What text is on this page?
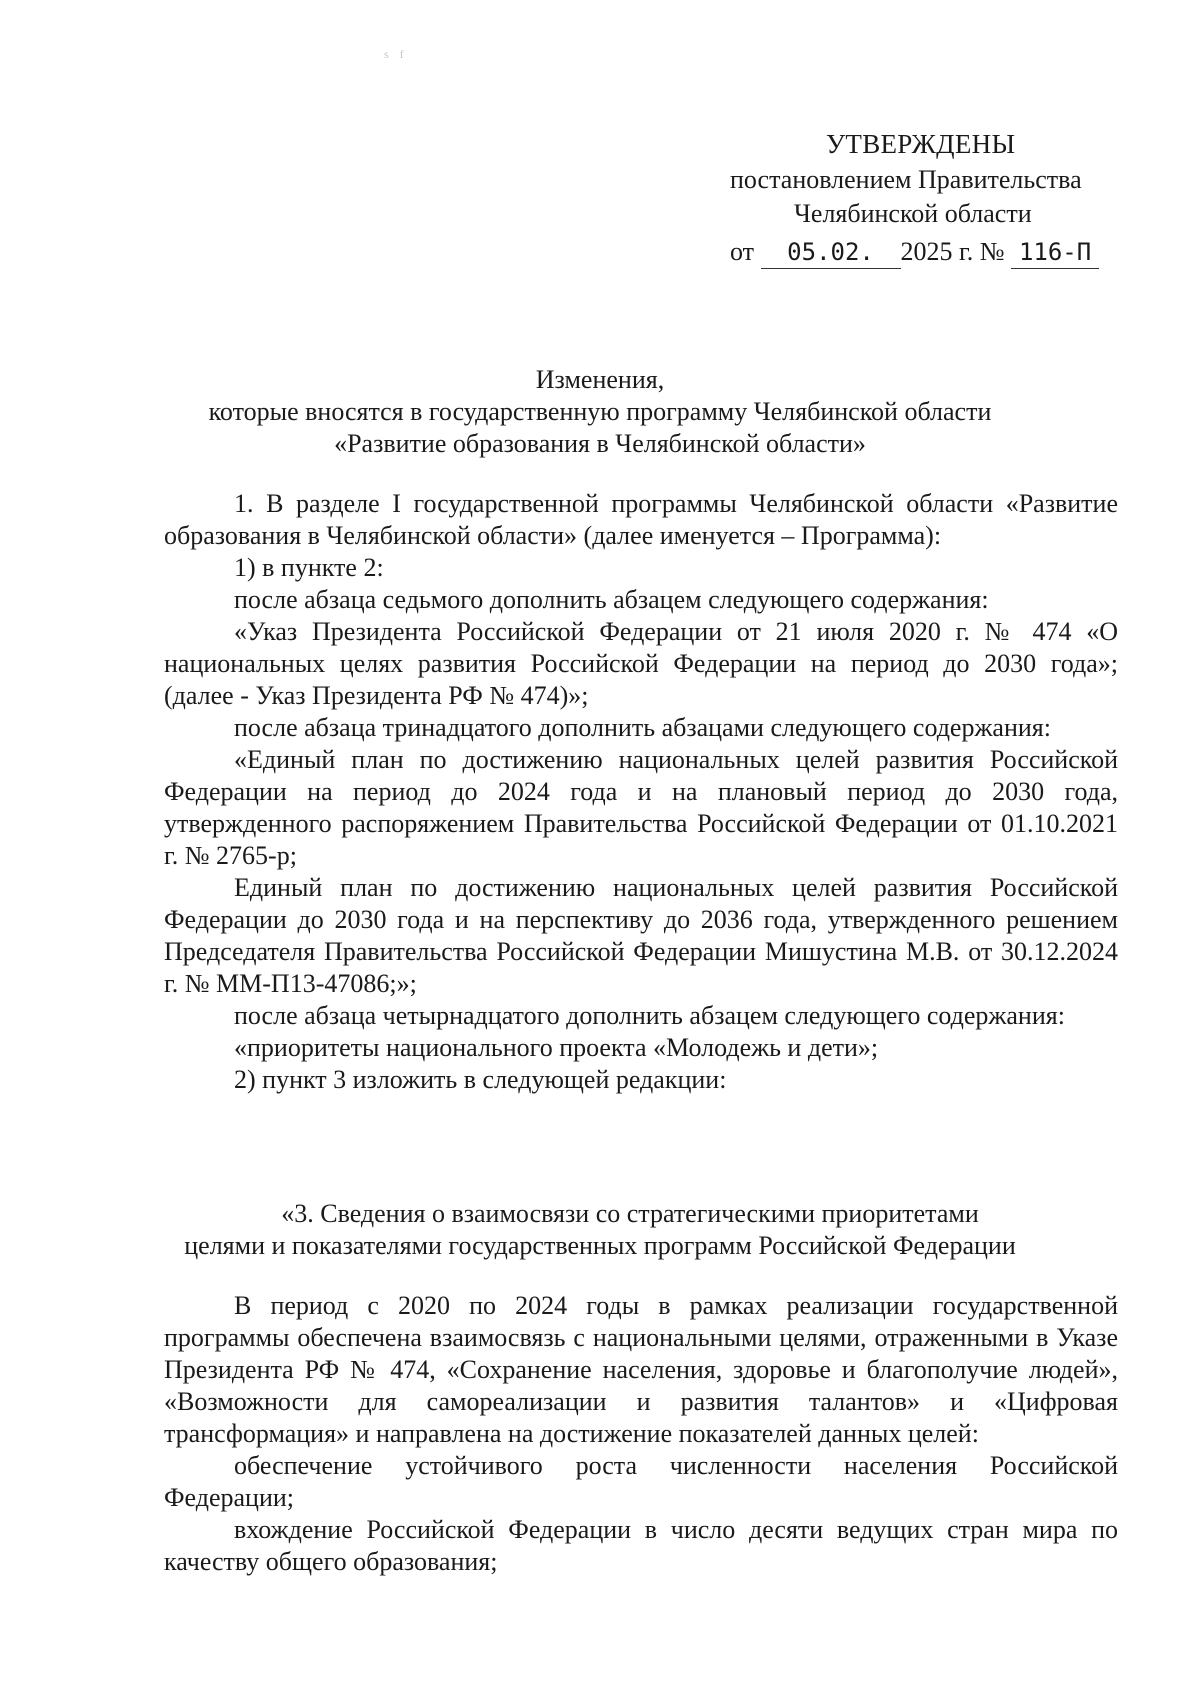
s f
УТВЕРЖДЕНЫ
постановлением Правительства
Челябинской области
от 05.02. 2025 г. № 116-П
Изменения,
которые вносятся в государственную программу Челябинской области
«Развитие образования в Челябинской области»

1. В разделе I государственной программы Челябинской области «Развитие образования в Челябинской области» (далее именуется – Программа):

1) в пункте 2:

после абзаца седьмого дополнить абзацем следующего содержания:

«Указ Президента Российской Федерации от 21 июля 2020 г. № 474 «О национальных целях развития Российской Федерации на период до 2030 года»; (далее - Указ Президента РФ № 474)»;

после абзаца тринадцатого дополнить абзацами следующего содержания:

«Единый план по достижению национальных целей развития Российской Федерации на период до 2024 года и на плановый период до 2030 года, утвержденного распоряжением Правительства Российской Федерации от 01.10.2021 г. № 2765-р;

Единый план по достижению национальных целей развития Российской Федерации до 2030 года и на перспективу до 2036 года, утвержденного решением Председателя Правительства Российской Федерации Мишустина М.В. от 30.12.2024 г. № ММ-П13-47086;»;

после абзаца четырнадцатого дополнить абзацем следующего содержания:

«приоритеты национального проекта «Молодежь и дети»;

2) пункт 3 изложить в следующей редакции:

«3. Сведения о взаимосвязи со стратегическими приоритетами
целями и показателями государственных программ Российской Федерации

В период с 2020 по 2024 годы в рамках реализации государственной программы обеспечена взаимосвязь с национальными целями, отраженными в Указе Президента РФ № 474, «Сохранение населения, здоровье и благополучие людей», «Возможности для самореализации и развития талантов» и «Цифровая трансформация» и направлена на достижение показателей данных целей:

обеспечение устойчивого роста численности населения Российской Федерации;

вхождение Российской Федерации в число десяти ведущих стран мира по качеству общего образования;
